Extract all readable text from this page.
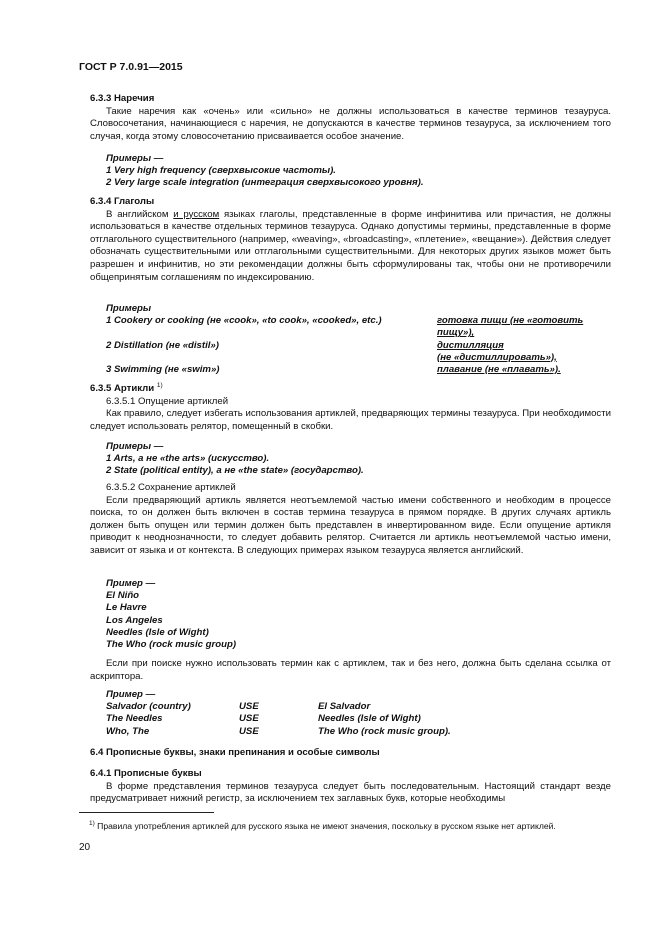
ГОСТ Р 7.0.91—2015
6.3.3 Наречия

Такие наречия как «очень» или «сильно» не должны использоваться в качестве терминов тезауруса. Словосочетания, начинающиеся с наречия, не допускаются в качестве терминов тезауруса, за исключением того случая, когда этому словосочетанию присваивается особое значение.

Примеры —
1 Very high frequency (сверхвысокие частоты).
2 Very large scale integration (интеграция сверхвысокого уровня).
6.3.4 Глаголы

В английском и русском языках глаголы, представленные в форме инфинитива или причастия, не должны использоваться в качестве отдельных терминов тезауруса. Однако допустимы термины, представленные в форме отглагольного существительного (например, «weaving», «broadcasting», «плетение», «вещание»). Действия следует обозначать существительными или отглагольными существительными. Для некоторых других языков может быть разрешен и инфинитив, но эти рекомендации должны быть сформулированы так, чтобы они не противоречили общепринятым соглашениям по индексированию.

Примеры
1 Cookery or cooking (не «cook», «to cook», «cooked», etc.)	готовка пищи (не «готовить
пищу»),
2 Distillation (не «distil»)	дистилляция
(не «дистиллировать»),
3 Swimming (не «swim»)	плавание (не «плавать»).
6.3.5 Артикли $^{1)}$
6.3.5.1 Опущение артиклей

Как правило, следует избегать использования артиклей, предваряющих термины тезауруса. При необходимости следует использовать релятор, помещенный в скобки.

Примеры —
1 Arts, а не «the arts» (искусство).
2 State (political entity), а не «the state» (государство).
6.3.5.2 Сохранение артиклей

Если предваряющий артикль является неотъемлемой частью имени собственного и необходим в процессе поиска, то он должен быть включен в состав термина тезауруса в прямом порядке. В других случаях артикль должен быть опущен или термин должен быть представлен в инвертированном виде. Если опущение артикля приводит к неоднозначности, то следует добавить релятор. Считается ли артикль неотъемлемой частью имени, зависит от языка и от контекста. В следующих примерах языком тезауруса является английский.

Пример —
El Niño
Le Havre
Los Angeles
Needles (Isle of Wight)
The Who (rock music group)

Если при поиске нужно использовать термин как с артиклем, так и без него, должна быть сделана ссылка от аскриптора.

Пример —
Salvador (country)	USE	El Salvador
The Needles	USE	Needles (Isle of Wight)
Who, The	USE	The Who (rock music group).
6.4 Прописные буквы, знаки препинания и особые символы
6.4.1 Прописные буквы

В форме представления терминов тезауруса следует быть последовательным. Настоящий стандарт везде предусматривает нижний регистр, за исключением тех заглавных букв, которые необходимы

$^{1)}$ Правила употребления артиклей для русского языка не имеют значения, поскольку в русском языке нет артиклей.
20
